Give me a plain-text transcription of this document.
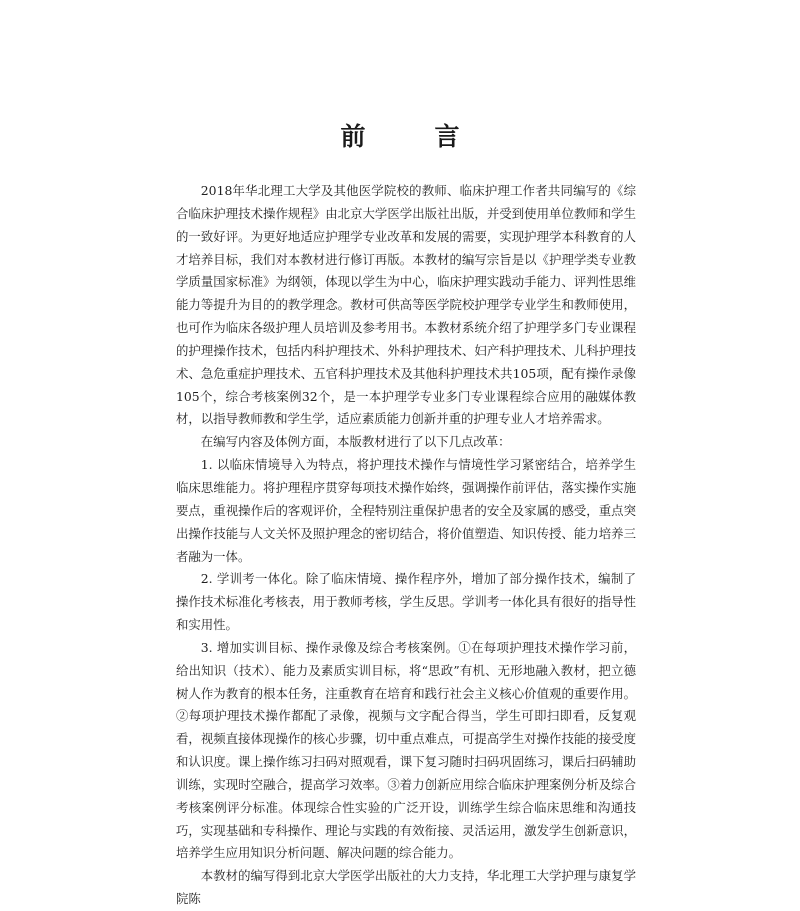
前　言

2018年华北理工大学及其他医学院校的教师、临床护理工作者共同编写的《综合临床护理技术操作规程》由北京大学医学出版社出版，并受到使用单位教师和学生的一致好评。为更好地适应护理学专业改革和发展的需要，实现护理学本科教育的人才培养目标，我们对本教材进行修订再版。本教材的编写宗旨是以《护理学类专业教学质量国家标准》为纲领，体现以学生为中心，临床护理实践动手能力、评判性思维能力等提升为目的的教学理念。教材可供高等医学院校护理学专业学生和教师使用，也可作为临床各级护理人员培训及参考用书。本教材系统介绍了护理学多门专业课程的护理操作技术，包括内科护理技术、外科护理技术、妇产科护理技术、儿科护理技术、急危重症护理技术、五官科护理技术及其他科护理技术共105项，配有操作录像105个，综合考核案例32个，是一本护理学专业多门专业课程综合应用的融媒体教材，以指导教师教和学生学，适应素质能力创新并重的护理专业人才培养需求。

在编写内容及体例方面，本版教材进行了以下几点改革：

1. 以临床情境导入为特点，将护理技术操作与情境性学习紧密结合，培养学生临床思维能力。将护理程序贯穿每项技术操作始终，强调操作前评估，落实操作实施要点，重视操作后的客观评价，全程特别注重保护患者的安全及家属的感受，重点突出操作技能与人文关怀及照护理念的密切结合，将价值塑造、知识传授、能力培养三者融为一体。

2. 学训考一体化。除了临床情境、操作程序外，增加了部分操作技术，编制了操作技术标准化考核表，用于教师考核，学生反思。学训考一体化具有很好的指导性和实用性。

3. 增加实训目标、操作录像及综合考核案例。①在每项护理技术操作学习前，给出知识（技术）、能力及素质实训目标，将“思政”有机、无形地融入教材，把立德树人作为教育的根本任务，注重教育在培育和践行社会主义核心价值观的重要作用。②每项护理技术操作都配了录像，视频与文字配合得当，学生可即扫即看，反复观看，视频直接体现操作的核心步骤，切中重点难点，可提高学生对操作技能的接受度和认识度。课上操作练习扫码对照观看，课下复习随时扫码巩固练习，课后扫码辅助训练，实现时空融合，提高学习效率。③着力创新应用综合临床护理案例分析及综合考核案例评分标准。体现综合性实验的广泛开设，训练学生综合临床思维和沟通技巧，实现基础和专科操作、理论与实践的有效衔接、灵活运用，激发学生创新意识，培养学生应用知识分析问题、解决问题的综合能力。

本教材的编写得到北京大学医学出版社的大力支持，华北理工大学护理与康复学院陈
